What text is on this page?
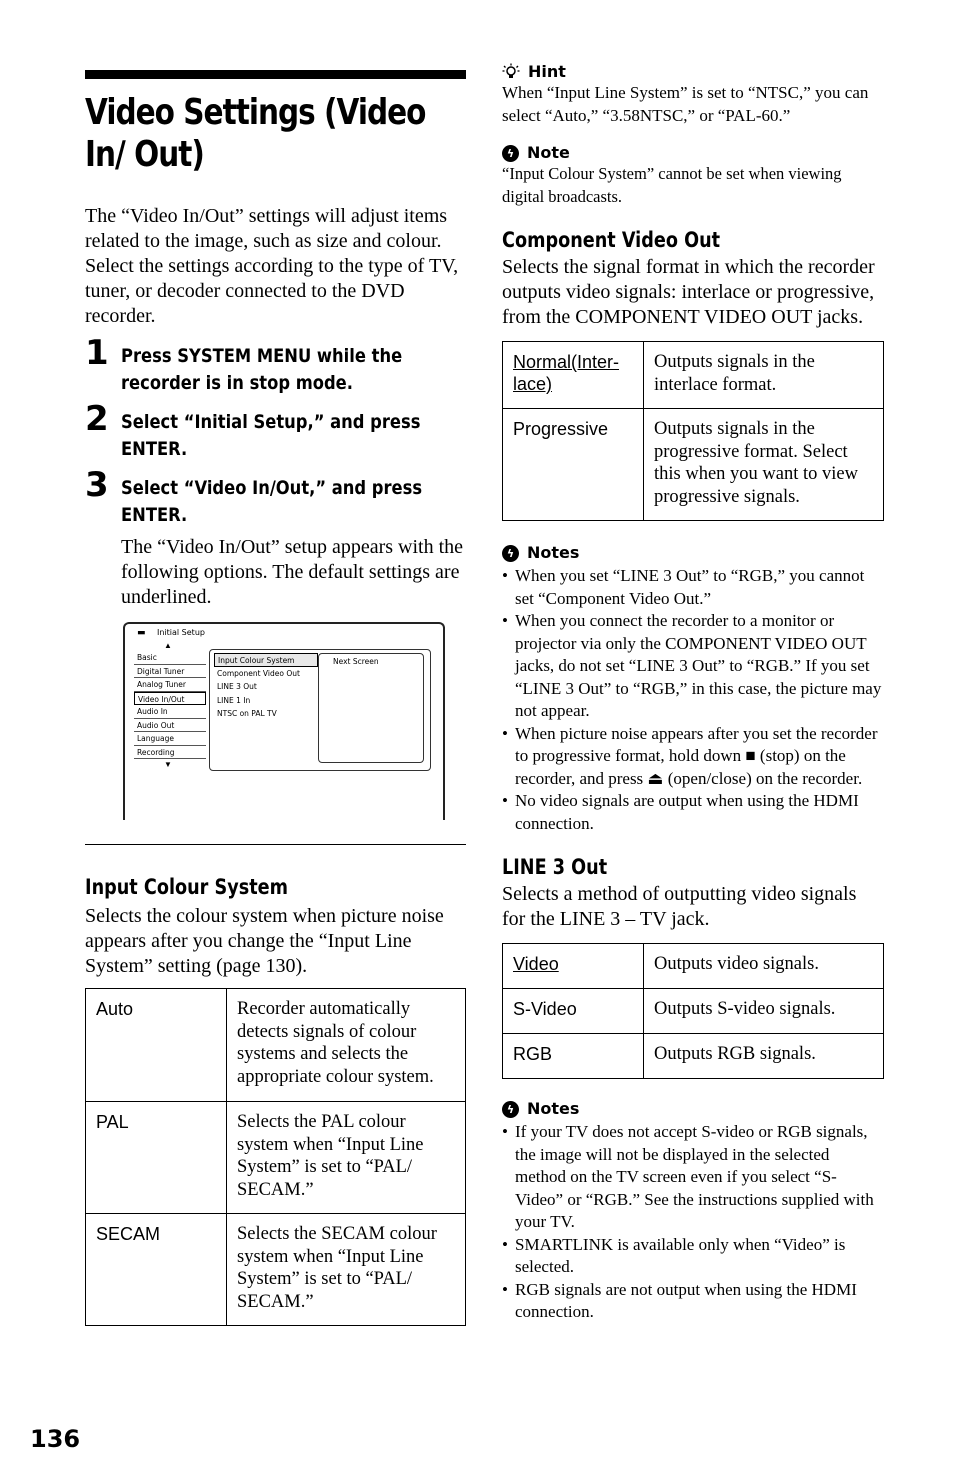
Video Settings (Video In/ Out)
The “Video In/Out” settings will adjust items related to the image, such as size and colour. Select the settings according to the type of TV, tuner, or decoder connected to the DVD recorder.
1 Press SYSTEM MENU while the recorder is in stop mode.
2 Select “Initial Setup,” and press ENTER.
3 Select “Video In/Out,” and press ENTER.
The “Video In/Out” setup appears with the following options. The default settings are underlined.
▬ Initial Setup
▲
Basic
Digital Tuner
Analog Tuner
Video In/Out
Audio In
Audio Out
Language
Recording
▼
Input Colour System
Component Video Out
LINE 3 Out
LINE 1 In
NTSC on PAL TV
Next Screen
Input Colour System
Selects the colour system when picture noise appears after you change the “Input Line System” setting (page 130).
Auto	Recorder automatically detects signals of colour systems and selects the appropriate colour system.
PAL	Selects the PAL colour system when “Input Line System” is set to “PAL/ SECAM.”
SECAM	Selects the SECAM colour system when “Input Line System” is set to “PAL/ SECAM.”
Hint
When “Input Line System” is set to “NTSC,” you can select “Auto,” “3.58NTSC,” or “PAL-60.”
ϟ Note
“Input Colour System” cannot be set when viewing digital broadcasts.
Component Video Out
Selects the signal format in which the recorder outputs video signals: interlace or progressive, from the COMPONENT VIDEO OUT jacks.
Normal(Inter- lace)	Outputs signals in the interlace format.
Progressive	Outputs signals in the progressive format. Select this when you want to view progressive signals.
ϟ Notes
• When you set “LINE 3 Out” to “RGB,” you cannot set “Component Video Out.”
• When you connect the recorder to a monitor or projector via only the COMPONENT VIDEO OUT jacks, do not set “LINE 3 Out” to “RGB.” If you set “LINE 3 Out” to “RGB,” in this case, the picture may not appear.
• When picture noise appears after you set the recorder to progressive format, hold down ■ (stop) on the recorder, and press ⏏ (open/close) on the recorder.
• No video signals are output when using the HDMI connection.
LINE 3 Out
Selects a method of outputting video signals for the LINE 3 – TV jack.
Video	Outputs video signals.
S-Video	Outputs S-video signals.
RGB	Outputs RGB signals.
ϟ Notes
• If your TV does not accept S-video or RGB signals, the image will not be displayed in the selected method on the TV screen even if you select “S-Video” or “RGB.” See the instructions supplied with your TV.
• SMARTLINK is available only when “Video” is selected.
• RGB signals are not output when using the HDMI connection.
136
